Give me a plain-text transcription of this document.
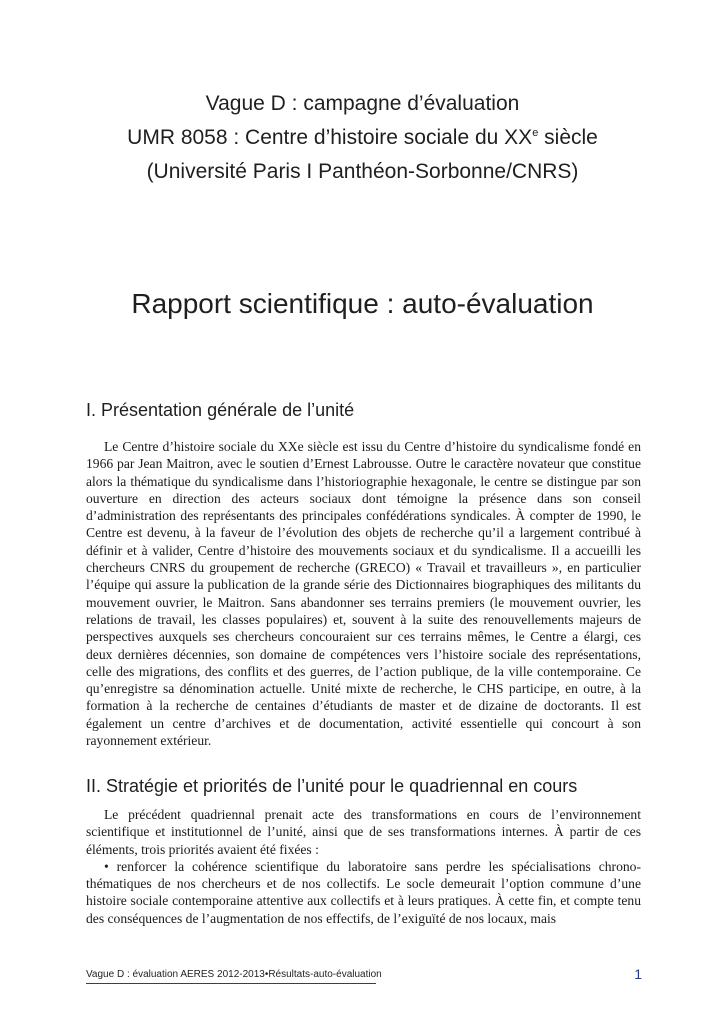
Vague D : campagne d’évaluation
UMR 8058 : Centre d’histoire sociale du XXe siècle
(Université Paris I Panthéon-Sorbonne/CNRS)
Rapport scientifique : auto-évaluation
I. Présentation générale de l’unité

Le Centre d’histoire sociale du XXe siècle est issu du Centre d’histoire du syndicalisme fondé en 1966 par Jean Maitron, avec le soutien d’Ernest Labrousse. Outre le caractère novateur que constitue alors la thématique du syndicalisme dans l’historiographie hexagonale, le centre se distingue par son ouverture en direction des acteurs sociaux dont témoigne la présence dans son conseil d’administration des représentants des principales confédérations syndicales. À compter de 1990, le Centre est devenu, à la faveur de l’évolution des objets de recherche qu’il a largement contribué à définir et à valider, Centre d’histoire des mouvements sociaux et du syndicalisme. Il a accueilli les chercheurs CNRS du groupement de recherche (GRECO) « Travail et travailleurs », en particulier l’équipe qui assure la publication de la grande série des Dictionnaires biographiques des militants du mouvement ouvrier, le Maitron. Sans abandonner ses terrains premiers (le mouvement ouvrier, les relations de travail, les classes populaires) et, souvent à la suite des renouvellements majeurs de perspectives auxquels ses chercheurs concouraient sur ces terrains mêmes, le Centre a élargi, ces deux dernières décennies, son domaine de compétences vers l’histoire sociale des représentations, celle des migrations, des conflits et des guerres, de l’action publique, de la ville contemporaine. Ce qu’enregistre sa dénomination actuelle. Unité mixte de recherche, le CHS participe, en outre, à la formation à la recherche de centaines d’étudiants de master et de dizaine de doctorants. Il est également un centre d’archives et de documentation, activité essentielle qui concourt à son rayonnement extérieur.

II. Stratégie et priorités de l’unité pour le quadriennal en cours
Le précédent quadriennal prenait acte des transformations en cours de l’environnement scientifique et institutionnel de l’unité, ainsi que de ses transformations internes. À partir de ces éléments, trois priorités avaient été fixées :
• renforcer la cohérence scientifique du laboratoire sans perdre les spécialisations chrono-thématiques de nos chercheurs et de nos collectifs. Le socle demeurait l’option commune d’une histoire sociale contemporaine attentive aux collectifs et à leurs pratiques. À cette fin, et compte tenu des conséquences de l’augmentation de nos effectifs, de l’exiguïté de nos locaux, mais
Vague D : évaluation AERES 2012-2013•Résultats-auto-évaluation	1
